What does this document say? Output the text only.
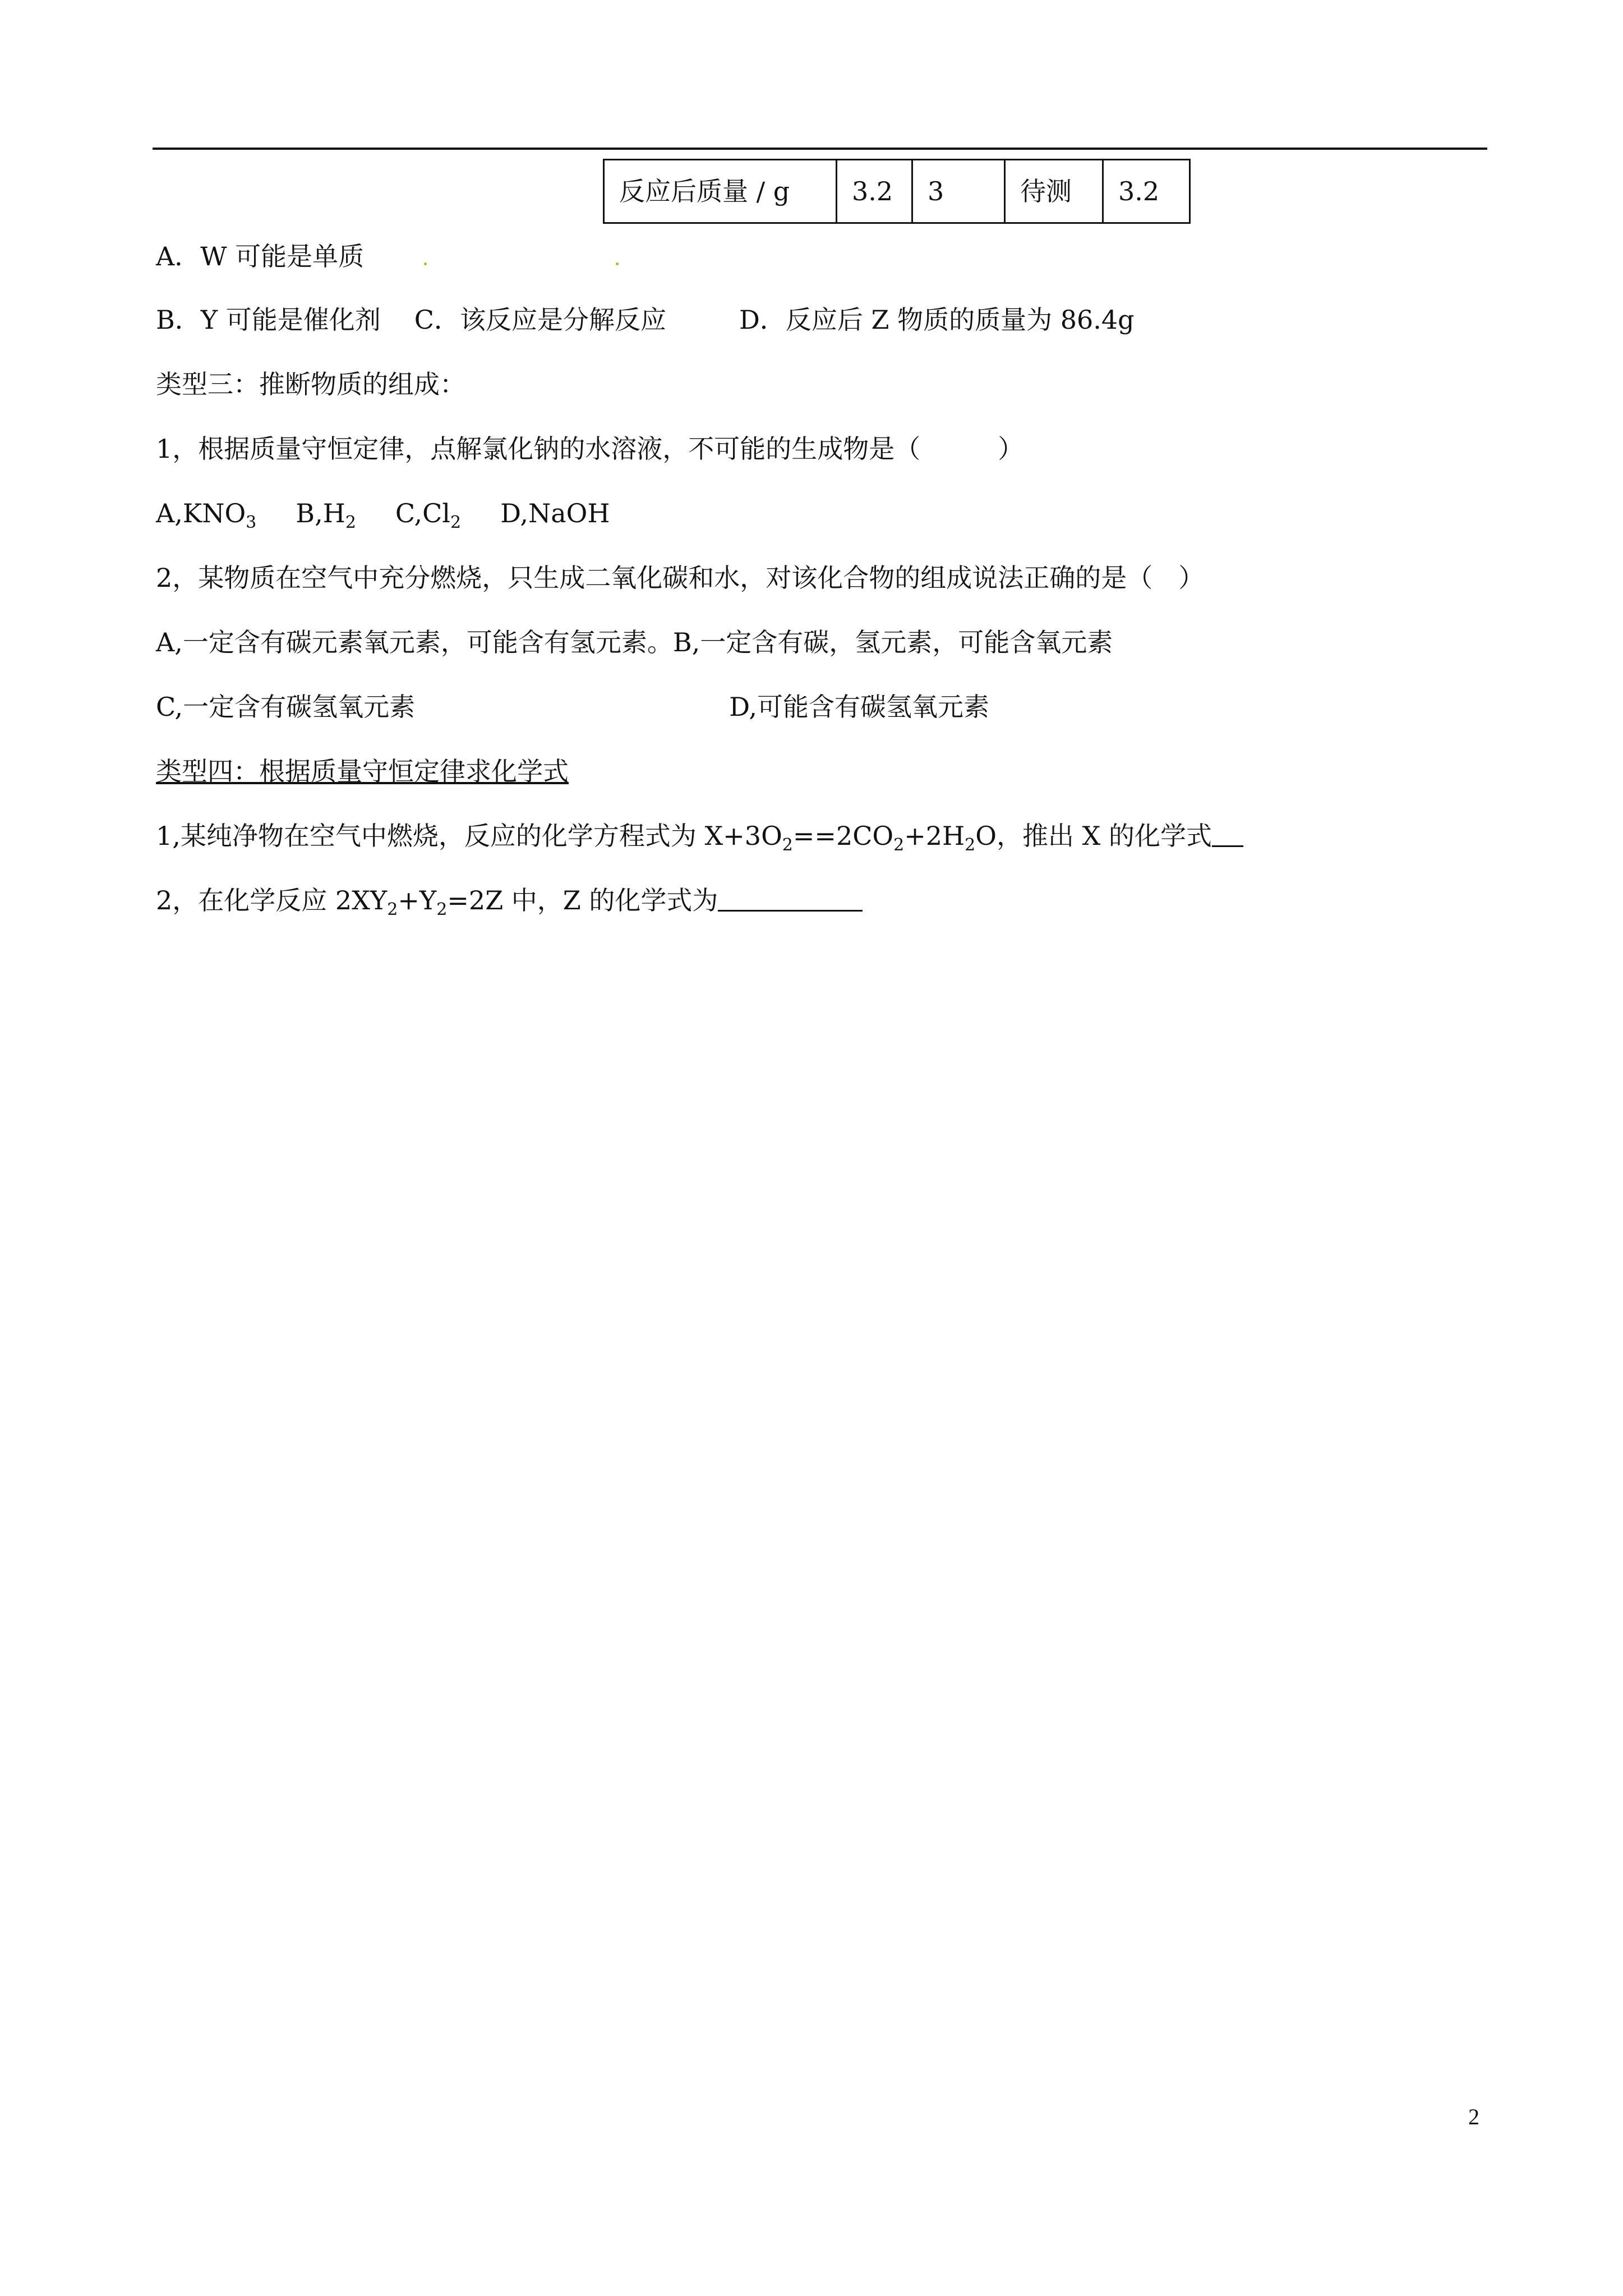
反应后质量 / g	3.2	3	待测	3.2
A．W 可能是单质
B．Y 可能是催化剂 C．该反应是分解反应	D．反应后 Z 物质的质量为 86.4g
类型三：推断物质的组成：
1，根据质量守恒定律，点解氯化钠的水溶液，不可能的生成物是（　　　）
$A,KNO_3$ $B,H_2$ $C,Cl_2$ D,NaOH
2，某物质在空气中充分燃烧，只生成二氧化碳和水，对该化合物的组成说法正确的是（　）
A,一定含有碳元素氧元素，可能含有氢元素。B,一定含有碳，氢元素，可能含氧元素
C,一定含有碳氢氧元素	D,可能含有碳氢氧元素
类型四：根据质量守恒定律求化学式
1,某纯净物在空气中燃烧，反应的化学方程式为 $X+3O_2==2CO_2+2H_2O$，推出 X 的化学式
2，在化学反应 $2XY_2+Y_2=2Z$ 中，Z 的化学式为
2
